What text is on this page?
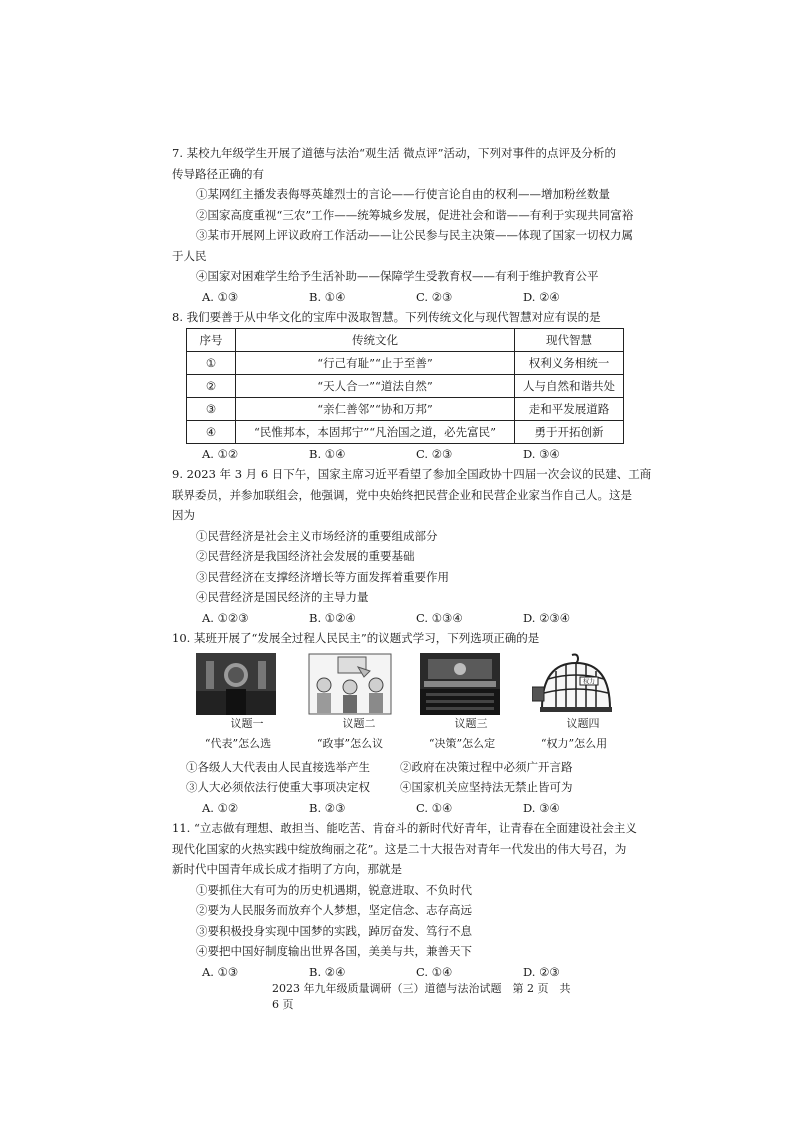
7. 某校九年级学生开展了道德与法治“观生活 微点评”活动，下列对事件的点评及分析的
传导路径正确的有
①某网红主播发表侮辱英雄烈士的言论——行使言论自由的权利——增加粉丝数量
②国家高度重视“三农”工作——统筹城乡发展，促进社会和谐——有利于实现共同富裕
③某市开展网上评议政府工作活动——让公民参与民主决策——体现了国家一切权力属
于人民
④国家对困难学生给予生活补助——保障学生受教育权——有利于维护教育公平
A. ①③	B. ①④	C. ②③	D. ②④
8. 我们要善于从中华文化的宝库中汲取智慧。下列传统文化与现代智慧对应有误的是
序号	传统文化	现代智慧
①	“行己有耻”“止于至善”	权利义务相统一
②	“天人合一”“道法自然”	人与自然和谐共处
③	“亲仁善邻”“协和万邦”	走和平发展道路
④	“民惟邦本，本固邦宁”“凡治国之道，必先富民”	勇于开拓创新
A. ①②	B. ①④	C. ②③	D. ③④
9. 2023 年 3 月 6 日下午，国家主席习近平看望了参加全国政协十四届一次会议的民建、工商
联界委员，并参加联组会，他强调，党中央始终把民营企业和民营企业家当作自己人。这是
因为
①民营经济是社会主义市场经济的重要组成部分
②民营经济是我国经济社会发展的重要基础
③民营经济在支撑经济增长等方面发挥着重要作用
④民营经济是国民经济的主导力量
A. ①②③	B. ①②④	C. ①③④	D. ②③④
10. 某班开展了“发展全过程人民民主”的议题式学习，下列选项正确的是
议题一
“代表”怎么选
议题二
“政事”怎么议
议题三
“决策”怎么定
权力
议题四
“权力”怎么用
①各级人大代表由人民直接选举产生	②政府在决策过程中必须广开言路
③人大必须依法行使重大事项决定权	④国家机关应坚持法无禁止皆可为
A. ①②	B. ②③	C. ①④	D. ③④
11. “立志做有理想、敢担当、能吃苦、肯奋斗的新时代好青年，让青春在全面建设社会主义
现代化国家的火热实践中绽放绚丽之花”。这是二十大报告对青年一代发出的伟大号召，为
新时代中国青年成长成才指明了方向，那就是
①要抓住大有可为的历史机遇期，锐意进取、不负时代
②要为人民服务而放弃个人梦想，坚定信念、志存高远
③要积极投身实现中国梦的实践，踔厉奋发、笃行不息
④要把中国好制度输出世界各国，美美与共，兼善天下
A. ①③	B. ②④	C. ①④	D. ②③
2023 年九年级质量调研（三）道德与法治试题　第 2 页　共 6 页
